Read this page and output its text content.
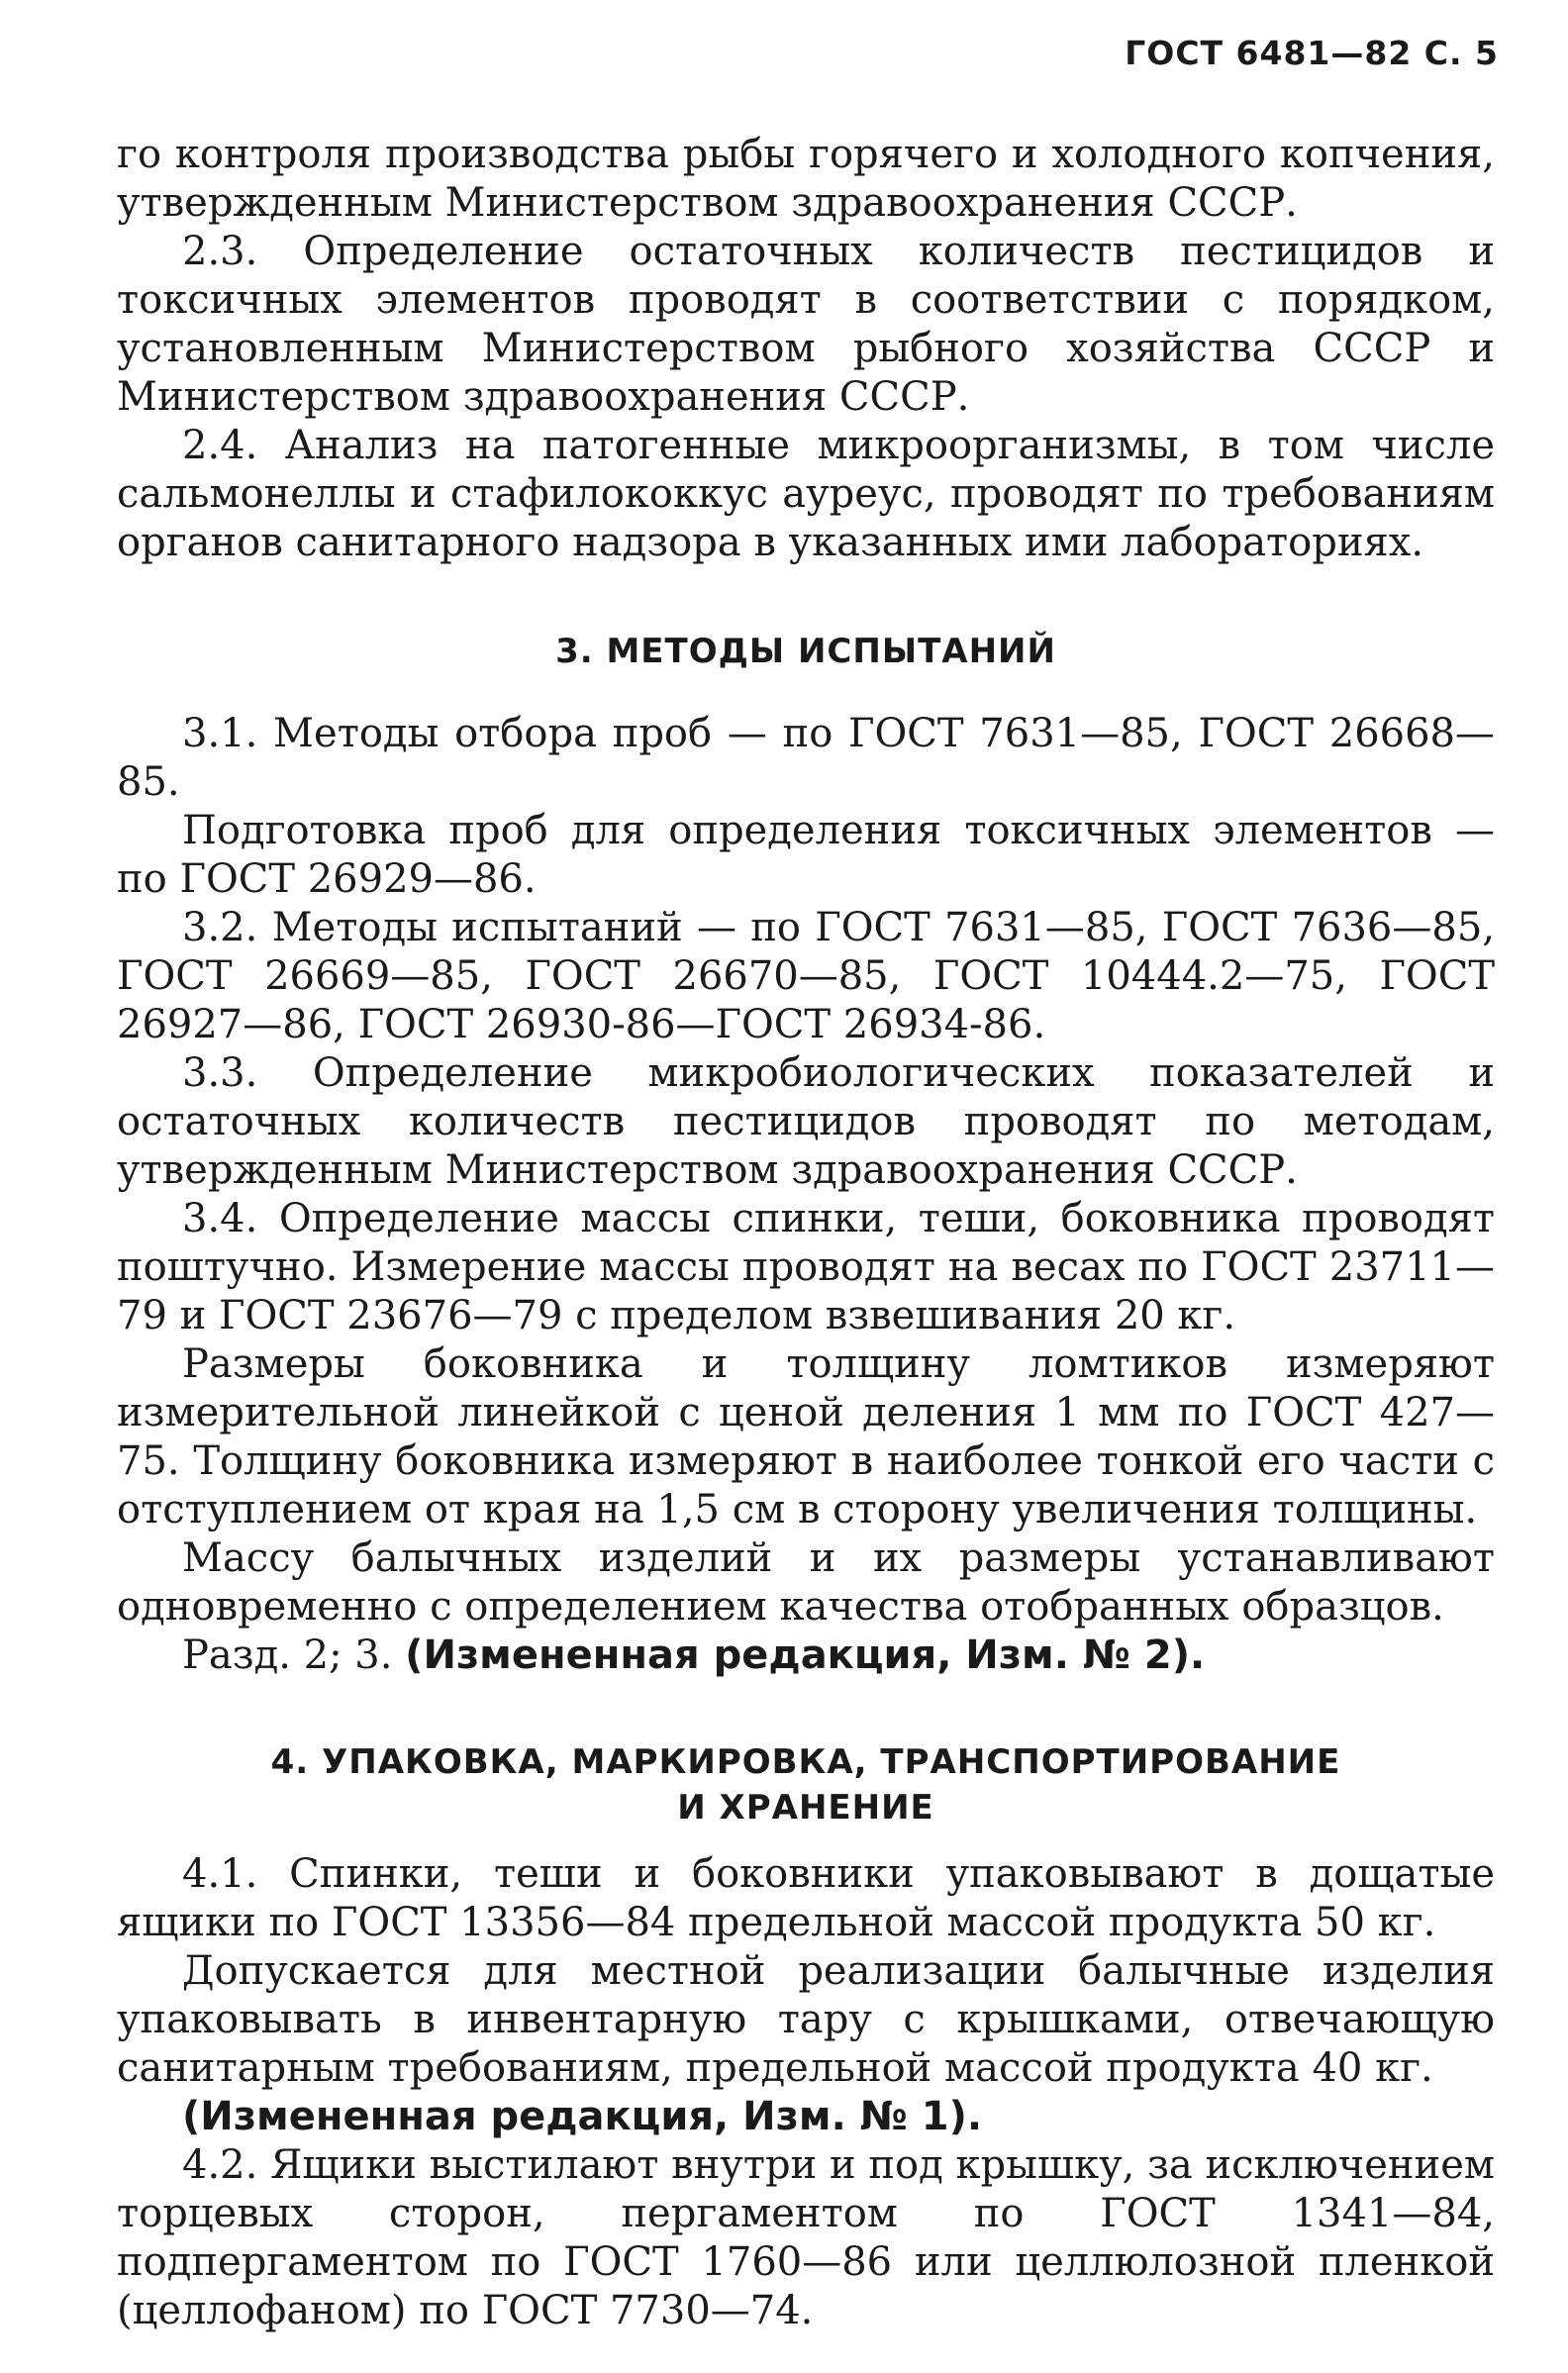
ГОСТ 6481—82 С. 5

го контроля производства рыбы горячего и холодного копчения, утвержденным Министерством здравоохранения СССР.

2.3. Определение остаточных количеств пестицидов и токсичных элементов проводят в соответствии с порядком, установленным Министерством рыбного хозяйства СССР и Министерством здравоохранения СССР.

2.4. Анализ на патогенные микроорганизмы, в том числе сальмонеллы и стафилококкус ауреус, проводят по требованиям органов санитарного надзора в указанных ими лабораториях.

3. МЕТОДЫ ИСПЫТАНИЙ

3.1. Методы отбора проб — по ГОСТ 7631—85, ГОСТ 26668—85.

Подготовка проб для определения токсичных элементов — по ГОСТ 26929—86.

3.2. Методы испытаний — по ГОСТ 7631—85, ГОСТ 7636—85, ГОСТ 26669—85, ГОСТ 26670—85, ГОСТ 10444.2—75, ГОСТ 26927—86, ГОСТ 26930-86—ГОСТ 26934-86.

3.3. Определение микробиологических показателей и остаточных количеств пестицидов проводят по методам, утвержденным Министерством здравоохранения СССР.

3.4. Определение массы спинки, теши, боковника проводят поштучно. Измерение массы проводят на весах по ГОСТ 23711—79 и ГОСТ 23676—79 с пределом взвешивания 20 кг.

Размеры боковника и толщину ломтиков измеряют измерительной линейкой с ценой деления 1 мм по ГОСТ 427—75. Толщину боковника измеряют в наиболее тонкой его части с отступлением от края на 1,5 см в сторону увеличения толщины.

Массу балычных изделий и их размеры устанавливают одновременно с определением качества отобранных образцов.

Разд. 2; 3. (Измененная редакция, Изм. № 2).

4. УПАКОВКА, МАРКИРОВКА, ТРАНСПОРТИРОВАНИЕ
И ХРАНЕНИЕ

4.1. Спинки, теши и боковники упаковывают в дощатые ящики по ГОСТ 13356—84 предельной массой продукта 50 кг.

Допускается для местной реализации балычные изделия упаковывать в инвентарную тару с крышками, отвечающую санитарным требованиям, предельной массой продукта 40 кг.

(Измененная редакция, Изм. № 1).

4.2. Ящики выстилают внутри и под крышку, за исключением торцевых сторон, пергаментом по ГОСТ 1341—84, подпергаментом по ГОСТ 1760—86 или целлюлозной пленкой (целлофаном) по ГОСТ 7730—74.
